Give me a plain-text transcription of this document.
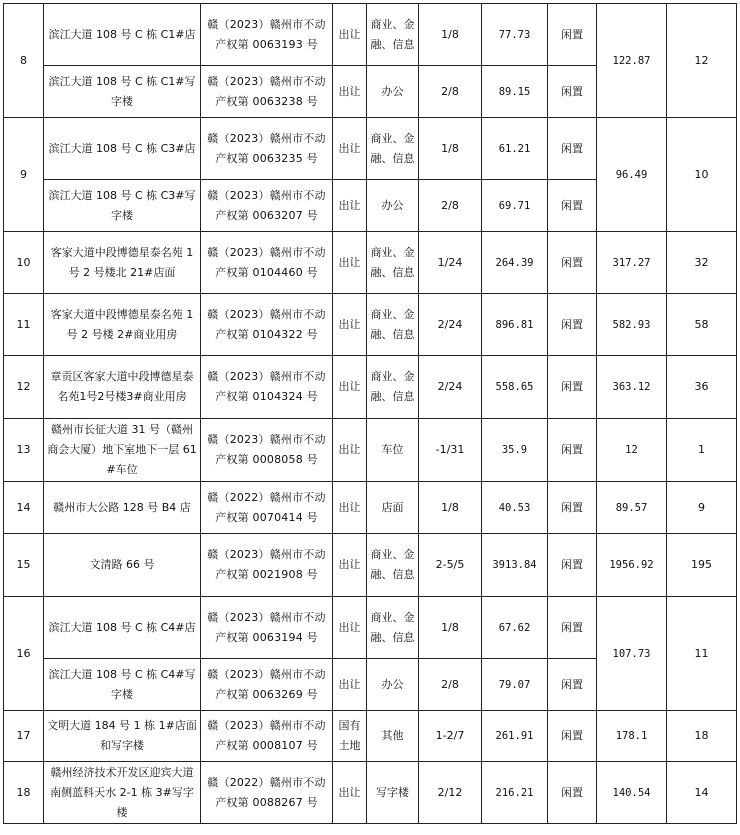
8	滨江大道 108 号 C 栋 C1#店	赣（2023）赣州市不动产权第 0063193 号	出让	商业、金融、信息	1/8	77.73	闲置	122.87	12
	滨江大道 108 号 C 栋 C1#写字楼	赣（2023）赣州市不动产权第 0063238 号	出让	办公	2/8	89.15	闲置		
9	滨江大道 108 号 C 栋 C3#店	赣（2023）赣州市不动产权第 0063235 号	出让	商业、金融、信息	1/8	61.21	闲置	96.49	10
	滨江大道 108 号 C 栋 C3#写字楼	赣（2023）赣州市不动产权第 0063207 号	出让	办公	2/8	69.71	闲置		
10	客家大道中段博德星泰名苑 1 号 2 号楼北 21#店面	赣（2023）赣州市不动产权第 0104460 号	出让	商业、金融、信息	1/24	264.39	闲置	317.27	32
11	客家大道中段博德星泰名苑 1 号 2 号楼 2#商业用房	赣（2023）赣州市不动产权第 0104322 号	出让	商业、金融、信息	2/24	896.81	闲置	582.93	58
12	章贡区客家大道中段博德星泰名苑1号2号楼3#商业用房	赣（2023）赣州市不动产权第 0104324 号	出让	商业、金融、信息	2/24	558.65	闲置	363.12	36
13	赣州市长征大道 31 号（赣州商会大厦）地下室地下一层 61#车位	赣（2023）赣州市不动产权第 0008058 号	出让	车位	-1/31	35.9	闲置	12	1
14	赣州市大公路 128 号 B4 店	赣（2022）赣州市不动产权第 0070414 号	出让	店面	1/8	40.53	闲置	89.57	9
15	文清路 66 号	赣（2023）赣州市不动产权第 0021908 号	出让	商业、金融、信息	2-5/5	3913.84	闲置	1956.92	195
16	滨江大道 108 号 C 栋 C4#店	赣（2023）赣州市不动产权第 0063194 号	出让	商业、金融、信息	1/8	67.62	闲置	107.73	11
	滨江大道 108 号 C 栋 C4#写字楼	赣（2023）赣州市不动产权第 0063269 号	出让	办公	2/8	79.07	闲置		
17	文明大道 184 号 1 栋 1#店面和写字楼	赣（2023）赣州市不动产权第 0008107 号	国有土地	其他	1-2/7	261.91	闲置	178.1	18
18	赣州经济技术开发区迎宾大道南侧蓝科天水 2-1 栋 3#写字楼	赣（2022）赣州市不动产权第 0088267 号	出让	写字楼	2/12	216.21	闲置	140.54	14
